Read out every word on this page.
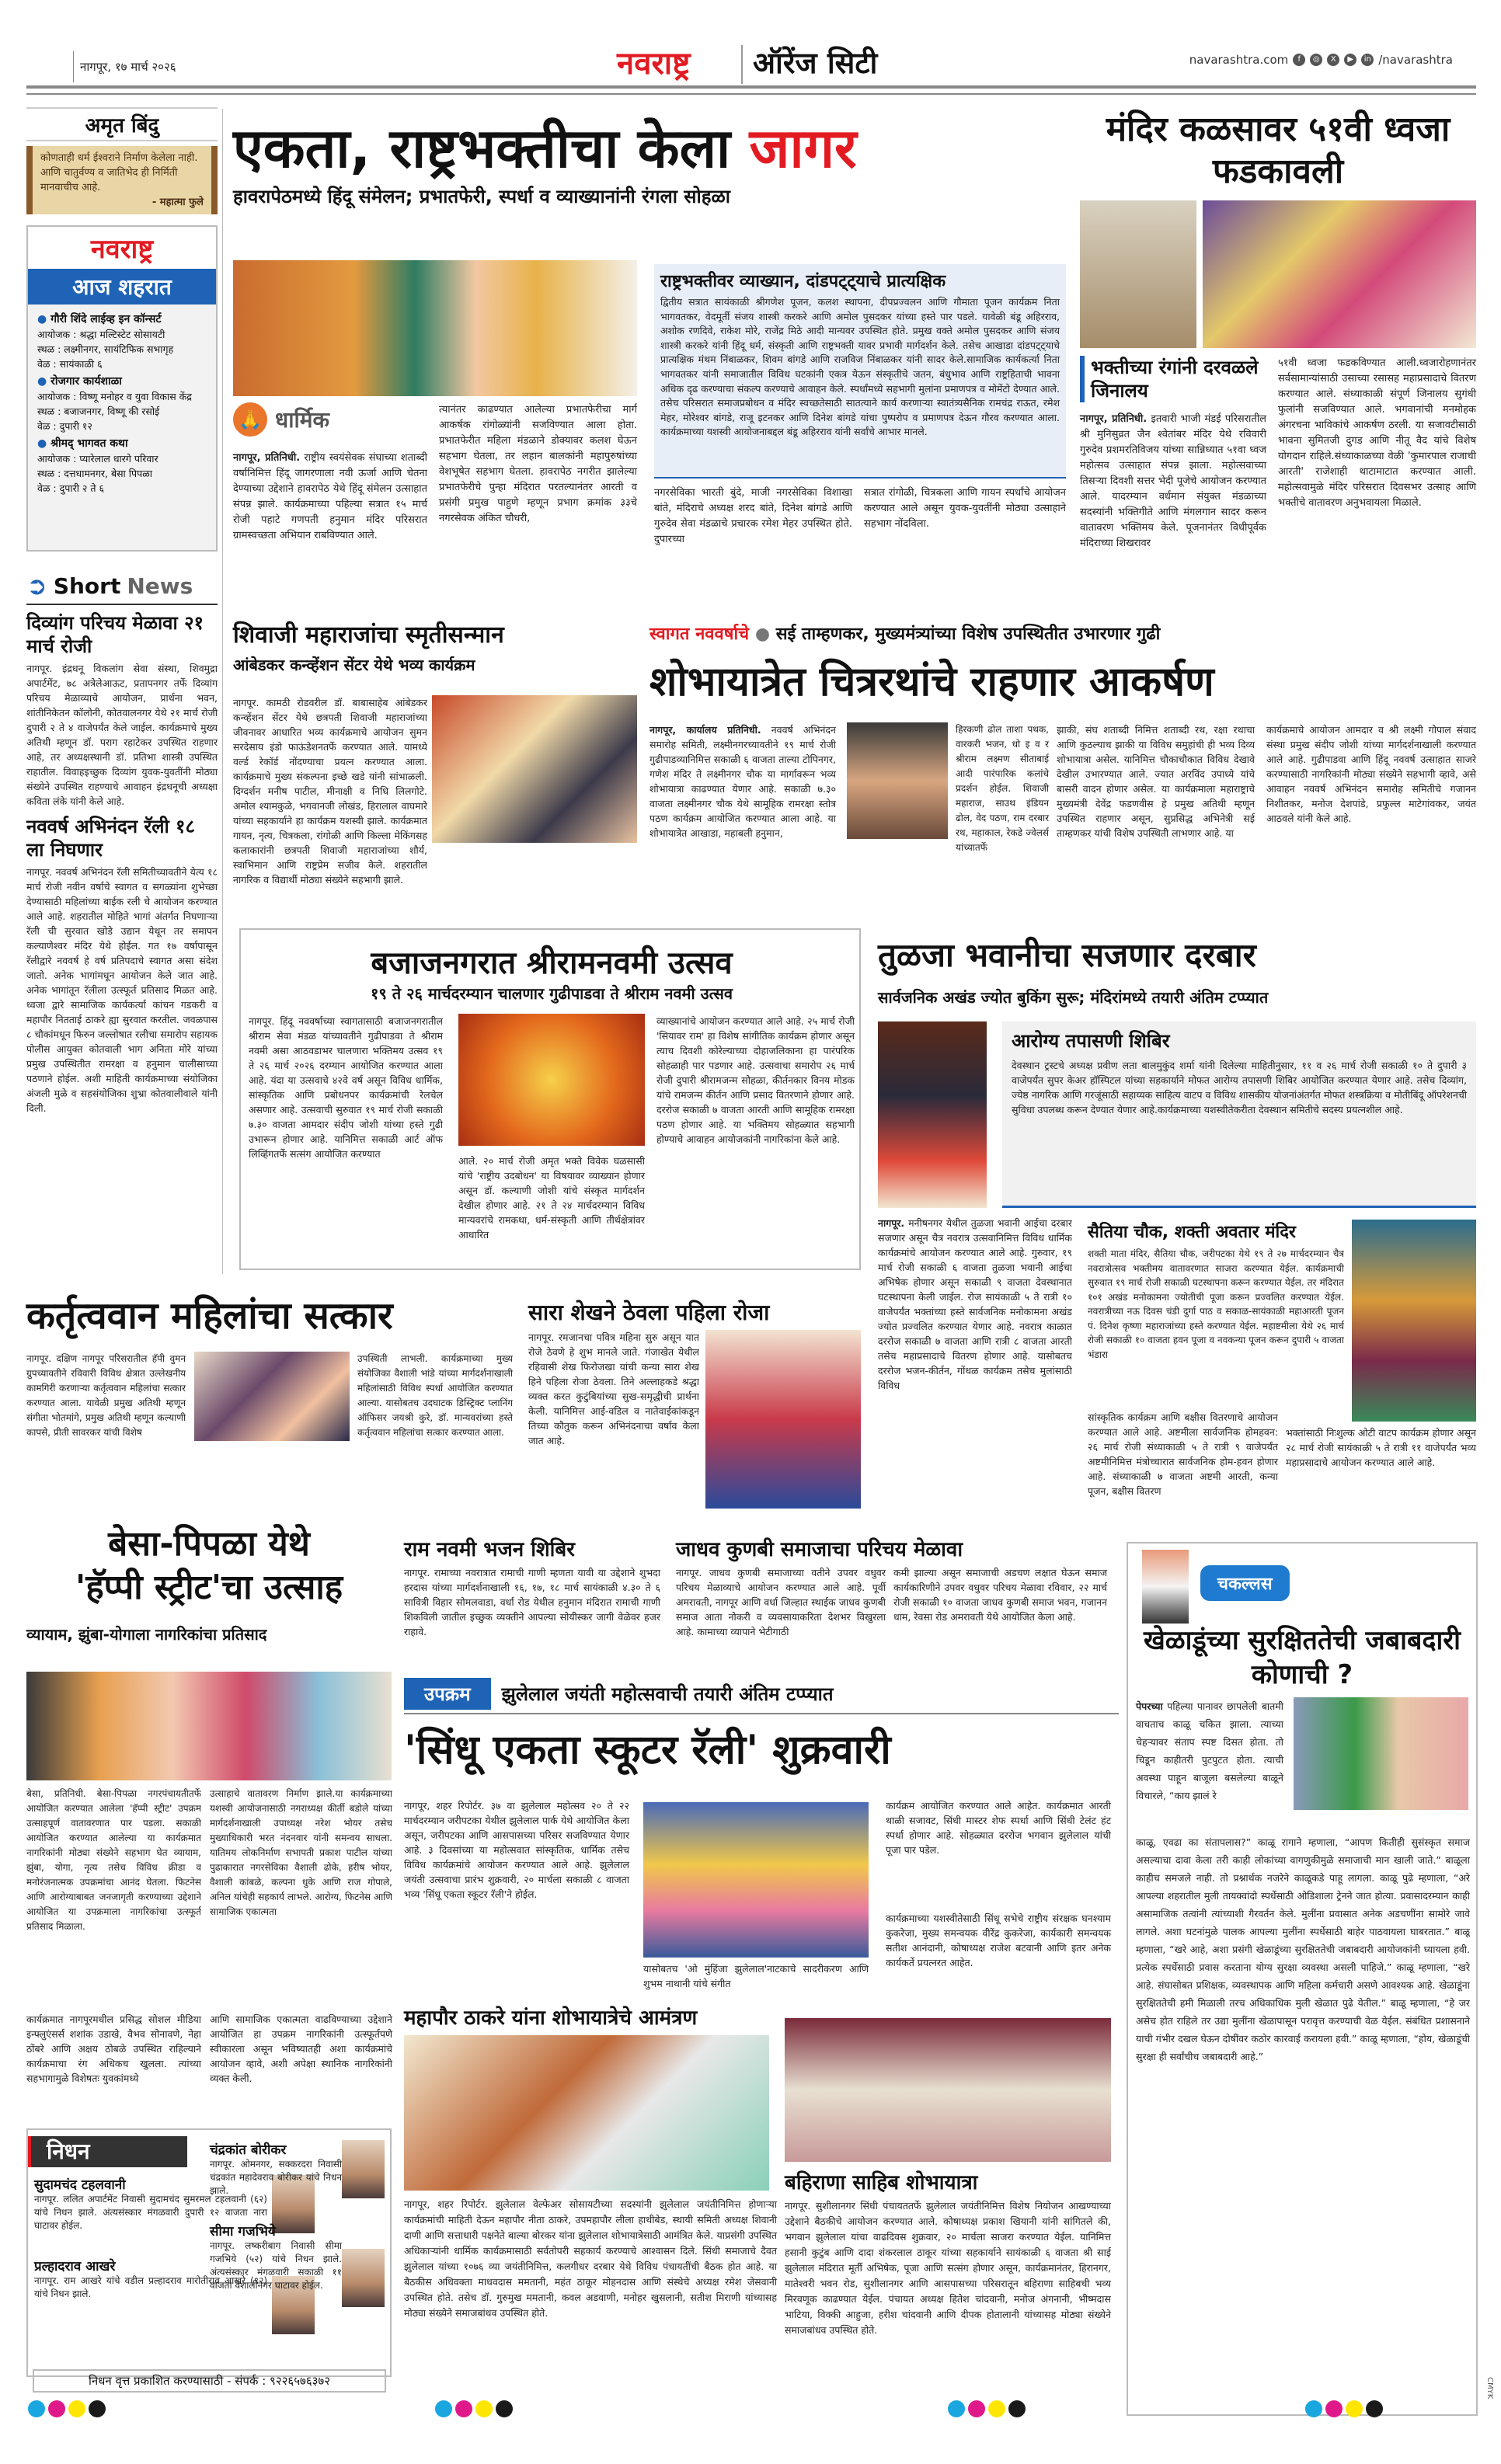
नागपूर, १७ मार्च २०२६	नवराष्ट्र ऑरेंज सिटी	navarashtra.com	f	◎	X	▶	in /navarashtra
अमृत बिंदु
कोणताही धर्म ईश्वराने निर्माण केलेला नाही. आणि चातुर्वण्य व जातिभेद ही निर्मिती मानवाचीच आहे.
- महात्मा फुले
नवराष्ट्र
आज शहरात
● गौरी शिंदे लाईव्ह इन कॉन्सर्ट
आयोजक : श्रद्धा मल्टिस्टेट सोसायटी
स्थळ : लक्ष्मीनगर, सायंटिफिक सभागृह
वेळ : सायंकाळी ६
● रोजगार कार्यशाळा
आयोजक : विष्णू मनोहर व युवा विकास केंद्र
स्थळ : बजाजनगर, विष्णू की रसोई
वेळ : दुपारी १२
● श्रीमद् भागवत कथा
आयोजक : प्यारेलाल धारगे परिवार
स्थळ : दत्तधामनगर, बेसा पिपळा
वेळ : दुपारी २ ते ६
➲ Short News
दिव्यांग परिचय मेळावा २१ मार्च रोजी
नागपूर. इंद्रधनू विकलांग सेवा संस्था, शिवमुद्रा अपार्टमेंट, ७८ अत्रेलेआऊट, प्रतापनगर तर्फे दिव्यांग परिचय मेळाव्याचे आयोजन, प्रार्थना भवन, शांतीनिकेतन कॉलोनी, कोतवालनगर येथे २१ मार्च रोजी दुपारी २ ते ४ वाजेपर्यंत केले जाईल. कार्यक्रमाचे मुख्य अतिथी म्हणून डॉ. पराग रहाटेकर उपस्थित राहणार आहे, तर अध्यक्षस्थानी डॉ. प्रतिभा शास्त्री उपस्थित राहातील. विवाहइच्छुक दिव्यांग युवक-युवतींनी मोठ्या संख्येने उपस्थित राहण्याचे आवाहन इंद्रधनूची अध्यक्षा कविता लंके यांनी केले आहे.
नववर्ष अभिनंदन रॅली १८ ला निघणार
नागपूर. नववर्ष अभिनंदन रॅली समितीच्यावतीने येत्य १८ मार्च रोजी नवीन वर्षाचे स्वागत व सगळ्यांना शुभेच्छा देण्यासाठी महिलांच्या बाईक रली चे आयोजन करण्यात आले आहे. शहरातील मोहिते भागां अंतर्गत निघणाऱ्या रॅली ची सुरवात खोडे उद्यान येथून तर समापन कल्याणेश्वर मंदिर येथे होईल. गत १७ वर्षापासून रॅलीद्वारे नववर्ष हे वर्ष प्रतिपदाचे स्वागत असा संदेश जातो. अनेक भागांमधून आयोजन केले जात आहे. अनेक भागांतून रॅलीला उत्स्फूर्त प्रतिसाद मिळत आहे. ध्वजा द्वारे सामाजिक कार्यकर्त्या कांचन गडकरी व महापौर नितताई ठाकरे ह्या सुरवात करतील. जवळपास ८ चौकांमधून फिरुन जल्लोषात रलीचा समारोप सहायक पोलीस आयुक्त कोतवाली भाग अनिता मोरे यांच्या प्रमुख उपस्थितीत रामरक्षा व हनुमान चालीसाच्या पठणाने होईल. अशी माहिती कार्यक्रमाच्या संयोजिका अंजली मुळे व सहसंयोजिका शुभ्रा कोतवालीवाले यांनी दिली.
एकता, राष्ट्रभक्तीचा केला जागर
हावरापेठमध्ये हिंदू संमेलन; प्रभातफेरी, स्पर्धा व व्याख्यानांनी रंगला सोहळा
🙏 धार्मिक
नागपूर, प्रतिनिधी. राष्ट्रीय स्वयंसेवक संघाच्या शताब्दी वर्षानिमित्त हिंदू जागरणाला नवी ऊर्जा आणि चेतना देण्याच्या उद्देशाने हावरापेठ येथे हिंदू संमेलन उत्साहात संपन्न झाले. कार्यक्रमाच्या पहिल्या सत्रात १५ मार्च रोजी पहाटे गणपती हनुमान मंदिर परिसरात ग्रामस्वच्छता अभियान राबविण्यात आले.
त्यानंतर काढण्यात आलेल्या प्रभातफेरीचा मार्ग आकर्षक रांगोळ्यांनी सजविण्यात आला होता. प्रभातफेरीत महिला मंडळाने डोक्यावर कलश घेऊन सहभाग घेतला, तर लहान बालकांनी महापुरुषांच्या वेशभूषेत सहभाग घेतला. हावरापेठ नगरीत झालेल्या प्रभातफेरीचे पुन्हा मंदिरात परतल्यानंतर आरती व प्रसंगी प्रमुख पाहुणे म्हणून प्रभाग क्रमांक ३३चे नगरसेवक अंकित चौधरी,
राष्ट्रभक्तीवर व्याख्यान, दांडपट्ट्याचे प्रात्यक्षिक
द्वितीय सत्रात सायंकाळी श्रीगणेश पूजन, कलश स्थापना, दीपप्रज्वलन आणि गौमाता पूजन कार्यक्रम निता भागवतकर, वेदमूर्ती संजय शास्त्री करकरे आणि अमोल पुसदकर यांच्या हस्ते पार पडले. यावेळी बंडू अहिरराव, अशोक रणदिवे, राकेश मोरे, राजेंद्र मिठे आदी मान्यवर उपस्थित होते. प्रमुख वक्ते अमोल पुसदकर आणि संजय शास्त्री करकरे यांनी हिंदू धर्म, संस्कृती आणि राष्ट्रभक्ती यावर प्रभावी मार्गदर्शन केले. तसेच आखाडा दांडपट्ट्याचे प्रात्यक्षिक मंथम निंबाळकर, शिवम बांगडे आणि राजविज निंबाळकर यांनी सादर केले.सामाजिक कार्यकर्त्या निता भागवतकर यांनी समाजातील विविध घटकांनी एकत्र येऊन संस्कृतीचे जतन, बंधुभाव आणि राष्ट्रहिताची भावना अधिक दृढ करण्याचा संकल्प करण्याचे आवाहन केले. स्पर्धांमध्ये सहभागी मुलांना प्रमाणपत्र व मोमेंटो देण्यात आले. तसेच परिसरात समाजप्रबोधन व मंदिर स्वच्छतेसाठी सातत्याने कार्य करणाऱ्या स्वातंत्र्यसैनिक रामचंद्र राऊत, रमेश मेहर, मोरेश्वर बांगडे, राजू इटनकर आणि दिनेश बांगडे यांचा पुष्परोप व प्रमाणपत्र देऊन गौरव करण्यात आला. कार्यक्रमाच्या यशस्वी आयोजनाबद्दल बंडू अहिरराव यांनी सर्वांचे आभार मानले.
नगरसेविका भारती बुंदे, माजी नगरसेविका विशाखा बांते, मंदिराचे अध्यक्ष शरद बांते, दिनेश बांगडे आणि गुरुदेव सेवा मंडळाचे प्रचारक रमेश मेहर उपस्थित होते. दुपारच्या
सत्रात रांगोळी, चित्रकला आणि गायन स्पर्धांचे आयोजन करण्यात आले असून युवक-युवतींनी मोठ्या उत्साहाने सहभाग नोंदविला.
मंदिर कळसावर ५१वी ध्वजा फडकावली
भक्तीच्या रंगांनी दरवळले जिनालय
नागपूर, प्रतिनिधी. इतवारी भाजी मंडई परिसरातील श्री मुनिसुव्रत जैन श्वेतांबर मंदिर येथे रविवारी गुरुदेव प्रशमरतिविजय यांच्या सान्निध्यात ५१वा ध्वज महोत्सव उत्साहात संपन्न झाला. महोत्सवाच्या तिसऱ्या दिवशी सत्तर भेदी पूजेचे आयोजन करण्यात आले. यादरम्यान वर्धमान संयुक्त मंडळाच्या सदस्यांनी भक्तिगीते आणि मंगलगान सादर करून वातावरण भक्तिमय केले. पूजनानंतर विधीपूर्वक मंदिराच्या शिखरावर
५१वी ध्वजा फडकविण्यात आली.ध्वजारोहणानंतर सर्वसामान्यांसाठी उसाच्या रसासह महाप्रसादाचे वितरण करण्यात आले. संध्याकाळी संपूर्ण जिनालय सुगंधी फुलांनी सजविण्यात आले. भगवानांची मनमोहक अंगरचना भाविकांचे आकर्षण ठरली. या सजावटीसाठी भावना सुमितजी दुगड आणि नीतू वैद यांचे विशेष योगदान राहिले.संध्याकाळच्या वेळी 'कुमारपाल राजाची आरती' राजेशाही थाटामाटात करण्यात आली. महोत्सवामुळे मंदिर परिसरात दिवसभर उत्साह आणि भक्तीचे वातावरण अनुभवायला मिळाले.
शिवाजी महाराजांचा स्मृतीसन्मान
आंबेडकर कन्व्हेंशन सेंटर येथे भव्य कार्यक्रम
नागपूर. कामठी रोडवरील डॉ. बाबासाहेब आंबेडकर कन्व्हेंशन सेंटर येथे छत्रपती शिवाजी महाराजांच्या जीवनावर आधारित भव्य कार्यक्रमाचे आयोजन सुमन सरदेसाय इंडो फाऊंडेशनतर्फे करण्यात आले. यामध्ये वर्ल्ड रेकॉर्ड नोंदण्याचा प्रयत्न करण्यात आला. कार्यक्रमाचे मुख्य संकल्पना इच्छे खडे यांनी सांभाळली. दिग्दर्शन मनीष पाटील, मीनाक्षी व निधि लिलगोटे. अमोल श्यामकुळे, भगवानजी लोखंड, हिरालाल वाघमारे यांच्या सहकार्याने हा कार्यक्रम यशस्वी झाले. कार्यक्रमात गायन, नृत्य, चित्रकला, रांगोळी आणि किल्ला मेकिंगसह कलाकारांनी छत्रपती शिवाजी महाराजांच्या शौर्य, स्वाभिमान आणि राष्ट्रप्रेम सजीव केले. शहरातील नागरिक व विद्यार्थी मोठ्या संख्येने सहभागी झाले.
स्वागत नववर्षाचे ● सई ताम्हणकर, मुख्यमंत्र्यांच्या विशेष उपस्थितीत उभारणार गुढी
शोभायात्रेत चित्ररथांचे राहणार आकर्षण
नागपूर, कार्यालय प्रतिनिधी. नववर्ष अभिनंदन समारोह समिती, लक्ष्मीनगरच्यावतीने १९ मार्च रोजी गुढीपाडव्यानिमित्त सकाळी ६ वाजता ताल्या टोपिनगर, गणेश मंदिर ते लक्ष्मीनगर चौक या मार्गावरून भव्य शोभायात्रा काढण्यात येणार आहे. सकाळी ७.३० वाजता लक्ष्मीनगर चौक येथे सामूहिक रामरक्षा स्तोत्र पठण कार्यक्रम आयोजित करण्यात आला आहे. या शोभायात्रेत आखाडा, महाबली हनुमान,
हिरकणी ढोल ताशा पथक, वारकरी भजन, धो इ व र श्रीराम लक्ष्मण सीताबाई आदी पारंपारिक कलांचे प्रदर्शन होईल. शिवाजी महाराज, साउथ इंडियन ढोल, वेद पठण, राम दरबार रथ, महाकाल, रेकडे ज्वेलर्स यांच्यातर्फे
झाकी, संघ शताब्दी निमित्त शताब्दी रथ, रक्षा रथाचा आणि कुठल्याच झाकी या विविध समुहांची ही भव्य दिव्य शोभायात्रा असेल. यानिमित्त चौकाचौकात विविध देखावे देखील उभारण्यात आले. ज्यात अरविंद उपाध्ये यांचे बासरी वादन होणार असेल. या कार्यक्रमाला महाराष्ट्राचे मुख्यमंत्री देवेंद्र फडणवीस हे प्रमुख अतिथी म्हणून उपस्थित राहणार असून, सुप्रसिद्ध अभिनेत्री सई ताम्हणकर यांची विशेष उपस्थिती लाभणार आहे. या
कार्यक्रमाचे आयोजन आमदार व श्री लक्ष्मी गोपाल संवाद संस्था प्रमुख संदीप जोशी यांच्या मार्गदर्शनाखाली करण्यात आले आहे. गुढीपाडवा आणि हिंदू नववर्ष उत्साहात साजरे करण्यासाठी नागरिकांनी मोठ्या संख्येने सहभागी व्हावे, असे आवाहन नववर्ष अभिनंदन समारोह समितीचे गजानन निशीतकर, मनोज देशपांडे, प्रफुल्ल माटेगांवकर, जयंत आठवले यांनी केले आहे.
बजाजनगरात श्रीरामनवमी उत्सव
१९ ते २६ मार्चदरम्यान चालणार गुढीपाडवा ते श्रीराम नवमी उत्सव
नागपूर. हिंदू नववर्षाच्या स्वागतासाठी बजाजनगरातील श्रीराम सेवा मंडळ यांच्यावतीने गुढीपाडवा ते श्रीराम नवमी असा आठवडाभर चालणारा भक्तिमय उत्सव १९ ते २६ मार्च २०२६ दरम्यान आयोजित करण्यात आला आहे. यंदा या उत्सवाचे ४२वे वर्ष असून विविध धार्मिक, सांस्कृतिक आणि प्रबोधनपर कार्यक्रमांची रेलचेल असणार आहे. उत्सवाची सुरुवात १९ मार्च रोजी सकाळी ७.३० वाजता आमदार संदीप जोशी यांच्या हस्ते गुढी उभारून होणार आहे. यानिमित्त सकाळी आर्ट ऑफ लिव्हिंगतर्फे सत्संग आयोजित करण्यात
आले. २० मार्च रोजी अमृत भक्ते विवेक घळसासी यांचे 'राष्ट्रीय उदबोधन' या विषयावर व्याख्यान होणार असून डॉ. कल्याणी जोशी यांचे संस्कृत मार्गदर्शन देखील होणार आहे. २१ ते २४ मार्चदरम्यान विविध मान्यवरांचे रामकथा, धर्म-संस्कृती आणि तीर्थक्षेत्रांवर आधारित
व्याख्यानांचे आयोजन करण्यात आले आहे. २५ मार्च रोजी 'सियावर राम' हा विशेष सांगीतिक कार्यक्रम होणार असून त्याच दिवशी कोरेल्याच्या दोहाजलिकाना हा पारंपरिक सोहळाही पार पडणार आहे. उत्सवाचा समारोप २६ मार्च रोजी दुपारी श्रीरामजन्म सोहळा, कीर्तनकार विनय मोडक यांचे रामजन्म कीर्तन आणि प्रसाद वितरणाने होणार आहे. दररोज सकाळी ७ वाजता आरती आणि सामूहिक रामरक्षा पठण होणार आहे. या भक्तिमय सोहळ्यात सहभागी होण्याचे आवाहन आयोजकांनी नागरिकांना केले आहे.
तुळजा भवानीचा सजणार दरबार
सार्वजनिक अखंड ज्योत बुकिंग सुरू; मंदिरांमध्ये तयारी अंतिम टप्प्यात
आरोग्य तपासणी शिबिर
देवस्थान ट्रस्टचे अध्यक्ष प्रवीण लता बालमुकुंद शर्मा यांनी दिलेल्या माहितीनुसार, ११ व २६ मार्च रोजी सकाळी १० ते दुपारी ३ वाजेपर्यंत सुपर केअर हॉस्पिटल यांच्या सहकार्याने मोफत आरोग्य तपासणी शिबिर आयोजित करण्यात येणार आहे. तसेच दिव्यांग, ज्येष्ठ नागरिक आणि गरजूंसाठी सहाय्यक साहित्य वाटप व विविध शासकीय योजनांअंतर्गत मोफत शस्त्रक्रिया व मोतीबिंदू ऑपरेशनची सुविधा उपलब्ध करून देण्यात येणार आहे.कार्यक्रमाच्या यशस्वीतेकरीता देवस्थान समितीचे सदस्य प्रयत्नशील आहे.
नागपूर. मनीषनगर येथील तुळजा भवानी आईचा दरबार सजणार असून चैत्र नवरात्र उत्सवानिमित्त विविध धार्मिक कार्यक्रमांचे आयोजन करण्यात आले आहे. गुरुवार, १९ मार्च रोजी सकाळी ६ वाजता तुळजा भवानी आईचा अभिषेक होणार असून सकाळी ९ वाजता देवस्थानात घटस्थापना केली जाईल. रोज सायंकाळी ५ ते रात्री १० वाजेपर्यंत भक्तांच्या हस्ते सार्वजनिक मनोकामना अखंड ज्योत प्रज्वलित करण्यात येणार आहे. नवरात्र काळात दररोज सकाळी ७ वाजता आणि रात्री ८ वाजता आरती तसेच महाप्रसादाचे वितरण होणार आहे. यासोबतच दररोज भजन-कीर्तन, गोंधळ कार्यक्रम तसेच मुलांसाठी विविध
सैतिया चौक, शक्ती अवतार मंदिर
शक्ती माता मंदिर, सैतिया चौक, जरीपटका येथे १९ ते २७ मार्चदरम्यान चैत्र नवरात्रोत्सव भक्तीमय वातावरणात साजरा करण्यात येईल. कार्यक्रमाची सुरुवात १९ मार्च रोजी सकाळी घटस्थापना करून करण्यात येईल. तर मंदिरात १०१ अखंड मनोकामना ज्योतीची पूजा करून प्रज्वलित करण्यात येईल. नवरात्रीच्या नऊ दिवस चंडी दुर्गा पाठ व सकाळ-सायंकाळी महाआरती पूजन पं. दिनेश कृष्णा महाराजांच्या हस्ते करण्यात येईल. महाष्टमीला येथे २६ मार्च रोजी सकाळी १० वाजता हवन पूजा व नवकन्या पूजन करून दुपारी ५ वाजता भंडारा
सांस्कृतिक कार्यक्रम आणि बक्षीस वितरणाचे आयोजन करण्यात आले आहे. अष्टमीला सार्वजनिक होमहवन: २६ मार्च रोजी संध्याकाळी ५ ते रात्री ९ वाजेपर्यंत अष्टमीनिमित्त मंत्रोच्चारात सार्वजनिक होम-हवन होणार आहे. संध्याकाळी ७ वाजता अष्टमी आरती, कन्या पूजन, बक्षीस वितरण
भक्तांसाठी निःशुल्क ओटी वाटप कार्यक्रम होणार असून २८ मार्च रोजी सायंकाळी ५ ते रात्री ११ वाजेपर्यंत भव्य महाप्रसादाचे आयोजन करण्यात आले आहे.
कर्तृत्ववान महिलांचा सत्कार
नागपूर. दक्षिण नागपूर परिसरातील हॅपी वुमन ग्रुपच्यावतीने रविवारी विविध क्षेत्रात उल्लेखनीय कामगिरी करणाऱ्या कर्तृत्ववान महिलांचा सत्कार करण्यात आला. यावेळी प्रमुख अतिथी म्हणून संगीता भोतमांगे, प्रमुख अतिथी म्हणून कल्याणी कापसे, प्रीती सावरकर यांची विशेष
उपस्थिती लाभली. कार्यक्रमाच्या मुख्य संयोजिका वैशाली भांडे यांच्या मार्गदर्शनाखाली महिलांसाठी विविध स्पर्धा आयोजित करण्यात आल्या. यासोबतच उदघाटक डिस्ट्रिक्ट प्लानिंग ऑफिसर जयश्री कुरे, डॉ. मान्यवरांच्या हस्ते कर्तृत्ववान महिलांचा सत्कार करण्यात आला.
सारा शेखने ठेवला पहिला रोजा
नागपूर. रमजानचा पवित्र महिना सुरु असून यात रोजे ठेवणे हे शुभ मानले जाते. गंजाखेत येथील रहिवासी शेख फिरोजखा यांची कन्या सारा शेख हिने पहिला रोजा ठेवला. तिने अल्लाहकडे श्रद्धा व्यक्त करत कुटुंबियांच्या सुख-समृद्धीची प्रार्थना केली. यानिमित्त आई-वडिल व नातेवाईकांकडून तिच्या कौतुक करून अभिनंदनाचा वर्षाव केला जात आहे.
बेसा-पिपळा येथे
'हॅप्पी स्ट्रीट'चा उत्साह
व्यायाम, झुंबा-योगाला नागरिकांचा प्रतिसाद
बेसा, प्रतिनिधी. बेसा-पिपळा नगरपंचायतीतर्फे आयोजित करण्यात आलेला 'हॅप्पी स्ट्रीट' उपक्रम उत्साहपूर्ण वातावरणात पार पडला. सकाळी आयोजित करण्यात आलेल्या या कार्यक्रमात नागरिकांनी मोठ्या संख्येने सहभाग घेत व्यायाम, झुंबा, योगा, नृत्य तसेच विविध क्रीडा व मनोरंजनात्मक उपक्रमांचा आनंद घेतला. फिटनेस आणि आरोग्याबाबत जनजागृती करण्याच्या उद्देशाने आयोजित या उपक्रमाला नागरिकांचा उत्स्फूर्त प्रतिसाद मिळाला.
उत्साहाचे वातावरण निर्माण झाले.या कार्यक्रमाच्या यशस्वी आयोजनासाठी नगराध्यक्ष कीर्ती बडोले यांच्या मार्गदर्शनाखाली उपाध्यक्ष नरेश भोयर तसेच मुख्याधिकारी भरत नंदनवार यांनी समन्वय साधला. यातिमय लोकनिर्माण सभापती प्रकाश पाटील यांच्या पुढाकारात नगरसेविका वैशाली ढोके, हरीष भोयर, वैशाली कांबळे, कल्पना धुके आणि राज गोपाले, अनिल यांचेही सहकार्य लाभले. आरोग्य, फिटनेस आणि सामाजिक एकात्मता
कार्यक्रमात नागपूरमधील प्रसिद्ध सोशल मीडिया इन्फ्लुएंसर्स शशांक उडाखे, वैभव सोनावणे, नेहा ठोंबरे आणि अक्षय ठोबळे उपस्थित राहिल्याने कार्यक्रमाचा रंग अधिकच खुलला. त्यांच्या सहभागामुळे विशेषतः युवकांमध्ये
आणि सामाजिक एकात्मता वाढविण्याच्या उद्देशाने आयोजित हा उपक्रम नागरिकांनी उत्स्फूर्तपणे स्वीकारला असून भविष्यातही अशा कार्यक्रमांचे आयोजन व्हावे, अशी अपेक्षा स्थानिक नागरिकांनी व्यक्त केली.
राम नवमी भजन शिबिर
नागपूर. रामाच्या नवरात्रात रामाची गाणी म्हणता यावी या उद्देशाने शुभदा हरदास यांच्या मार्गदर्शनाखाली १६, १७, १८ मार्च सायंकाळी ४.३० ते ६ सावित्री विहार सोमलवाडा, वर्धा रोड येथील हनुमान मंदिरात रामाची गाणी शिकविली जातील इच्छुक व्यक्तीने आपल्या सोयीस्कर जागी वेळेवर हजर राहावे.
जाधव कुणबी समाजाचा परिचय मेळावा
नागपूर. जाधव कुणबी समाजाच्या वतीने उपवर वधुवर परिचय मेळाव्याचे आयोजन करण्यात आले आहे. पूर्वी अमरावती, नागपूर आणि वर्धा जिल्हात स्थाईक जाधव कुणबी समाज आता नोकरी व व्यवसायाकरिता देशभर विखुरला आहे. कामाच्या व्यापाने भेटीगाठी
कमी झाल्या असून समाजाची अडचण लक्षात घेऊन समाज कार्यकारिणीने उपवर वधुवर परिचय मेळावा रविवार, २२ मार्च रोजी सकाळी १० वाजता जाधव कुणबी समाज भवन, गजानन धाम, रेवसा रोड अमरावती येथे आयोजित केला आहे.
उपक्रम	झुलेलाल जयंती महोत्सवाची तयारी अंतिम टप्प्यात
'सिंधू एकता स्कूटर रॅली' शुक्रवारी
नागपूर, शहर रिपोर्टर. ३७ वा झुलेलाल महोत्सव २० ते २२ मार्चदरम्यान जरीपटका येथील झुलेलाल पार्क येथे आयोजित केला असून, जरीपटका आणि आसपासच्या परिसर सजविण्यात येणार आहे. ३ दिवसांच्या या महोत्सवात सांस्कृतिक, धार्मिक तसेच विविध कार्यक्रमांचे आयोजन करण्यात आले आहे. झुलेलाल जयंती उत्सवाचा प्रारंभ शुक्रवारी, २० मार्चला सकाळी ८ वाजता भव्य 'सिंधू एकता स्कूटर रॅली'ने होईल.
यासोबतच 'ओ मुंहिंजा झुलेलाल'नाटकाचे सादरीकरण आणि शुभम नाथानी यांचे संगीत
कार्यक्रम आयोजित करण्यात आले आहेत. कार्यक्रमात आरती थाळी सजावट, सिंधी मास्टर शेफ स्पर्धा आणि सिंधी टेलंट हंट स्पर्धा होणार आहे. सोहळ्यात दररोज भगवान झुलेलाल यांची पूजा पार पडेल.
कार्यक्रमाच्या यशस्वीतेसाठी सिंधू सभेचे राष्ट्रीय संरक्षक घनश्याम कुकरेजा, मुख्य समन्वयक वीरेंद्र कुकरेजा, कार्यकारी समन्वयक सतीश आनंदानी, कोषाध्यक्ष राजेश बटवानी आणि इतर अनेक कार्यकर्ते प्रयत्नरत आहेत.
महापौर ठाकरे यांना शोभायात्रेचे आमंत्रण
नागपूर, शहर रिपोर्टर. झुलेलाल वेल्फेअर सोसायटीच्या सदस्यांनी झुलेलाल जयंतीनिमित्त होणाऱ्या कार्यक्रमांची माहिती देऊन महापौर नीता ठाकरे, उपमहापौर लीला हाथीबेड, स्थायी समिती अध्यक्ष शिवानी दाणी आणि सत्ताधारी पक्षनेते बाल्या बोरकर यांना झुलेलाल शोभायात्रेसाठी आमंत्रित केले. याप्रसंगी उपस्थित अधिकाऱ्यांनी धार्मिक कार्यक्रमासाठी सर्वतोपरी सहकार्य करण्याचे आश्वासन दिले. सिंधी समाजाचे दैवत झुलेलाल यांच्या १०७६ व्या जयंतीनिमित्त, कलगीधर दरबार येथे विविध पंचायतींची बैठक होत आहे. या बैठकीस अधिवक्ता माधवदास ममतानी, महंत ठाकूर मोहनदास आणि संस्थेचे अध्यक्ष रमेश जेसवानी उपस्थित होते. तसेच डॉ. गुरुमुख ममतानी, कवल अडवाणी, मनोहर खुसलानी, सतीश मिराणी यांच्यासह मोठ्या संख्येने समाजबांधव उपस्थित होते.
बहिराणा साहिब शोभायात्रा
नागपूर. सुशीलानगर सिंधी पंचायततर्फे झुलेलाल जयंतीनिमित्त विशेष नियोजन आखण्याच्या उद्देशाने बैठकीचे आयोजन करण्यात आले. कोषाध्यक्ष प्रकाश खियानी यांनी सांगितले की, भगवान झुलेलाल यांचा वाढदिवस शुक्रवार, २० मार्चला साजरा करण्यात येईल. यानिमित्त हसानी कुटुंब आणि दादा शंकरलाल ठाकूर यांच्या सहकार्याने सायंकाळी ६ वाजता श्री साई झुलेलाल मंदिरात मूर्ती अभिषेक, पूजा आणि सत्संग होणार असून, कार्यक्रमानंतर, हिरानगर, मातेश्वरी भवन रोड, सुशीलानगर आणि आसपासच्या परिसरातून बहिराणा साहिबची भव्य मिरवणूक काढण्यात येईल. पंचायत अध्यक्ष हितेश चांदवानी, मनोज अंगनानी, भीष्मदास भाटिया, विक्की आहुजा, हरीश चांदवानी आणि दीपक होतालानी यांच्यासह मोठ्या संख्येने समाजबांधव उपस्थित होते.
चकल्लस
खेळाडूंच्या सुरक्षिततेची जबाबदारी कोणाची ?
पेपरच्या पहिल्या पानावर छापलेली बातमी वाचताच काळू चकित झाला. त्याच्या चेहऱ्यावर संताप स्पष्ट दिसत होता. तो चिडून काहीतरी पुटपुटत होता. त्याची अवस्था पाहून बाजूला बसलेल्या बाळूने विचारले, “काय झालं रे
काळू, एवढा का संतापलास?” काळू रागाने म्हणाला, “आपण कितीही सुसंस्कृत समाज असल्याचा दावा केला तरी काही लोकांच्या वागणुकीमुळे समाजाची मान खाली जाते.” बाळूला काहीच समजले नाही. तो प्रश्नार्थक नजरेने काळूकडे पाहू लागला. काळू पुढे म्हणाला, “अरे आपल्या शहरातील मुली तायक्वांदो स्पर्धेसाठी ओडिशाला ट्रेनने जात होत्या. प्रवासादरम्यान काही असामाजिक तत्वांनी त्यांच्याशी गैरवर्तन केले. मुलींना प्रवासात अनेक अडचणींना सामोरे जावे लागले. अशा घटनांमुळे पालक आपल्या मुलींना स्पर्धेसाठी बाहेर पाठवायला घाबरतात.” बाळू म्हणाला, “खरे आहे, अशा प्रसंगी खेळाडूंच्या सुरक्षिततेची जबाबदारी आयोजकांनी घ्यायला हवी. प्रत्येक स्पर्धेसाठी प्रवास करताना योग्य सुरक्षा व्यवस्था असली पाहिजे.” काळू म्हणाला, “खरे आहे. संघासोबत प्रशिक्षक, व्यवस्थापक आणि महिला कर्मचारी असणे आवश्यक आहे. खेळाडूंना सुरक्षिततेची हमी मिळाली तरच अधिकाधिक मुली खेळात पुढे येतील.” बाळू म्हणाला, “हे जर असेच होत राहिले तर उद्या मुलींना खेळापासून परावृत्त करण्याची वेळ येईल. संबंधित प्रशासनाने याची गंभीर दखल घेऊन दोषींवर कठोर कारवाई करायला हवी.” काळू म्हणाला, “होय, खेळाडूंची सुरक्षा ही सर्वांचीच जबाबदारी आहे.”
निधन
सुदामचंद टहलवानी
नागपूर. ललित अपार्टमेंट निवासी सुदामचंद सुमरमल टहलवानी (६२) यांचे निधन झाले. अंत्यसंस्कार मंगळवारी दुपारी १२ वाजता नारा घाटावर होईल.
प्रल्हादराव आखरे
नागपूर. राम आखरे यांचे वडील प्रल्हादराव मारोतीराव आखरे (९२) यांचे निधन झाले.
चंद्रकांत बोरीकर
नागपूर. ओमनगर, सक्करदरा निवासी चंद्रकांत महादेवराव बोरीकर यांचे निधन झाले.
सीमा गजभिये
नागपूर. लष्करीबाग निवासी सीमा गजभिये (५२) यांचे निधन झाले. अंत्यसंस्कार मंगळवारी सकाळी ११ वाजता वैशालीनगर घाटावर होईल.
निधन वृत्त प्रकाशित करण्यासाठी - संपर्क : ९२२६५७६३७२	CMYK
